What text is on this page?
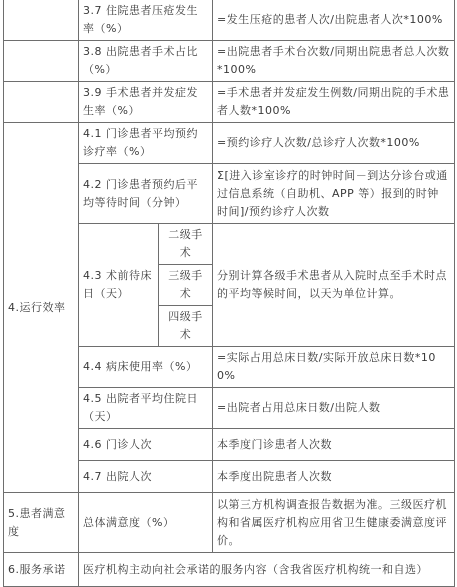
	3.7 住院患者压疮发生率（%）		=发生压疮的患者人次/出院患者人次*100%
	3.8 出院患者手术占比（%）		=出院患者手术台次数/同期出院患者总人次数*100%
	3.9 手术患者并发症发生率（%）		=手术患者并发症发生例数/同期出院的手术患者人数*100%
4.运行效率	4.1 门诊患者平均预约诊疗率（%）		=预约诊疗人次数/总诊疗人次数*100%
	4.2 门诊患者预约后平均等待时间（分钟）		Σ[进入诊室诊疗的时钟时间－到达分诊台或通过信息系统（自助机、APP 等）报到的时钟时间]/预约诊疗人次数
	4.3 术前待床日（天）	二级手术	分别计算各级手术患者从入院时点至手术时点的平均等候时间，以天为单位计算。
		三级手术	
		四级手术	
	4.4 病床使用率（%）		=实际占用总床日数/实际开放总床日数*100%
	4.5 出院者平均住院日（天）		=出院者占用总床日数/出院人数
	4.6 门诊人次		本季度门诊患者人次数
	4.7 出院人次		本季度出院患者人次数
5.患者满意度	总体满意度（%）		以第三方机构调查报告数据为准。三级医疗机构和省属医疗机构应用省卫生健康委满意度评价。
6.服务承诺	医疗机构主动向社会承诺的服务内容（含我省医疗机构统一和自选）		
